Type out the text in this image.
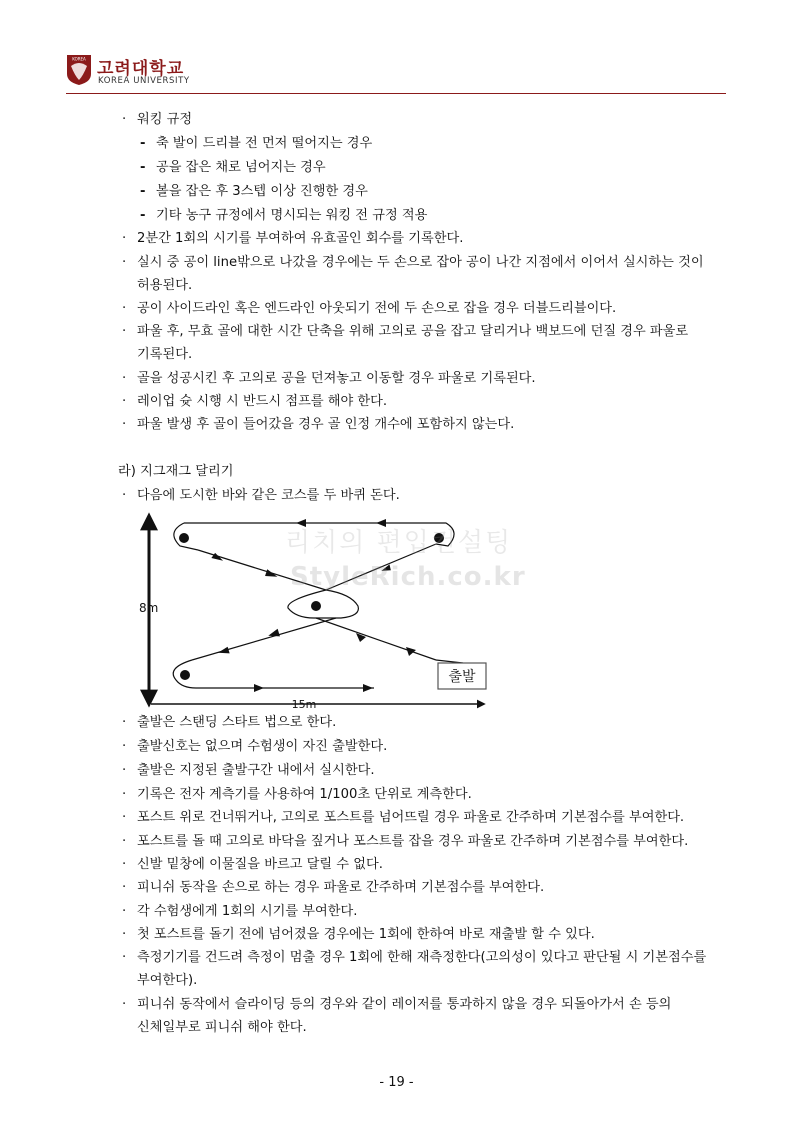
KOREA 고려대학교
KOREA UNIVERSITY
· 워킹 규정
- 축 발이 드리블 전 먼저 떨어지는 경우
- 공을 잡은 채로 넘어지는 경우
- 볼을 잡은 후 3스텝 이상 진행한 경우
- 기타 농구 규정에서 명시되는 워킹 전 규정 적용
· 2분간 1회의 시기를 부여하여 유효골인 회수를 기록한다.
· 실시 중 공이 line밖으로 나갔을 경우에는 두 손으로 잡아 공이 나간 지점에서 이어서 실시하는 것이
허용된다.
· 공이 사이드라인 혹은 엔드라인 아웃되기 전에 두 손으로 잡을 경우 더블드리블이다.
· 파울 후, 무효 골에 대한 시간 단축을 위해 고의로 공을 잡고 달리거나 백보드에 던질 경우 파울로
기록된다.
· 골을 성공시킨 후 고의로 공을 던져놓고 이동할 경우 파울로 기록된다.
· 레이업 슛 시행 시 반드시 점프를 해야 한다.
· 파울 발생 후 골이 들어갔을 경우 골 인정 개수에 포함하지 않는다.
라) 지그재그 달리기
· 다음에 도시한 바와 같은 코스를 두 바퀴 돈다.
8m
15m
출발
리치의 편입컨설팅
StyleRich.co.kr
· 출발은 스탠딩 스타트 법으로 한다.
· 출발신호는 없으며 수험생이 자진 출발한다.
· 출발은 지정된 출발구간 내에서 실시한다.
· 기록은 전자 계측기를 사용하여 1/100초 단위로 계측한다.
· 포스트 위로 건너뛰거나, 고의로 포스트를 넘어뜨릴 경우 파울로 간주하며 기본점수를 부여한다.
· 포스트를 돌 때 고의로 바닥을 짚거나 포스트를 잡을 경우 파울로 간주하며 기본점수를 부여한다.
· 신발 밑창에 이물질을 바르고 달릴 수 없다.
· 피니쉬 동작을 손으로 하는 경우 파울로 간주하며 기본점수를 부여한다.
· 각 수험생에게 1회의 시기를 부여한다.
· 첫 포스트를 돌기 전에 넘어졌을 경우에는 1회에 한하여 바로 재출발 할 수 있다.
· 측정기기를 건드려 측정이 멈출 경우 1회에 한해 재측정한다(고의성이 있다고 판단될 시 기본점수를
부여한다).
· 피니쉬 동작에서 슬라이딩 등의 경우와 같이 레이저를 통과하지 않을 경우 되돌아가서 손 등의
신체일부로 피니쉬 해야 한다.
- 19 -
